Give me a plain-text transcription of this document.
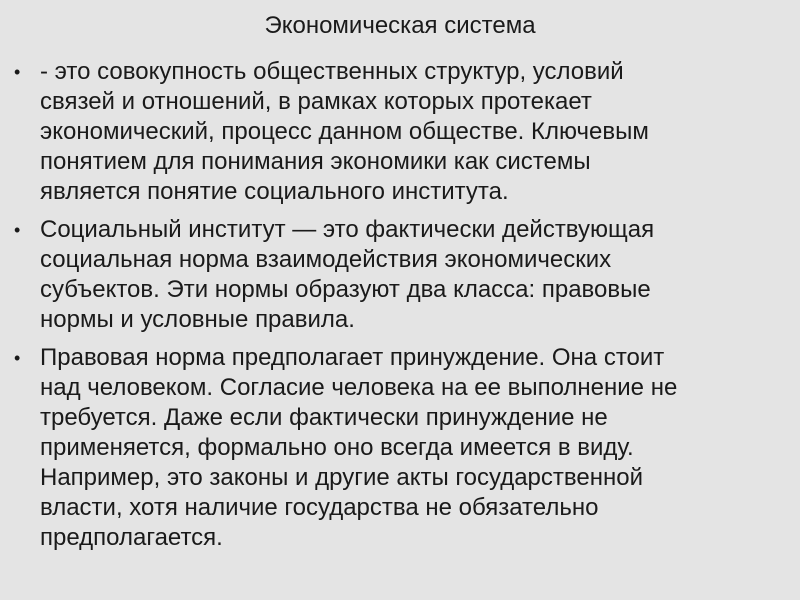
Экономическая система
• - это совокупность общественных структур, условий
связей и отношений, в рамках которых протекает
экономический, процесс данном обществе. Ключевым
понятием для понимания экономики как системы
является понятие социального института.
• Социальный институт — это фактически действующая
социальная норма взаимодействия экономических
субъектов. Эти нормы образуют два класса: правовые
нормы и условные правила.
• Правовая норма предполагает принуждение. Она стоит
над человеком. Согласие человека на ее выполнение не
требуется. Даже если фактически принуждение не
применяется, формально оно всегда имеется в виду.
Например, это законы и другие акты государственной
власти, хотя наличие государства не обязательно
предполагается.
